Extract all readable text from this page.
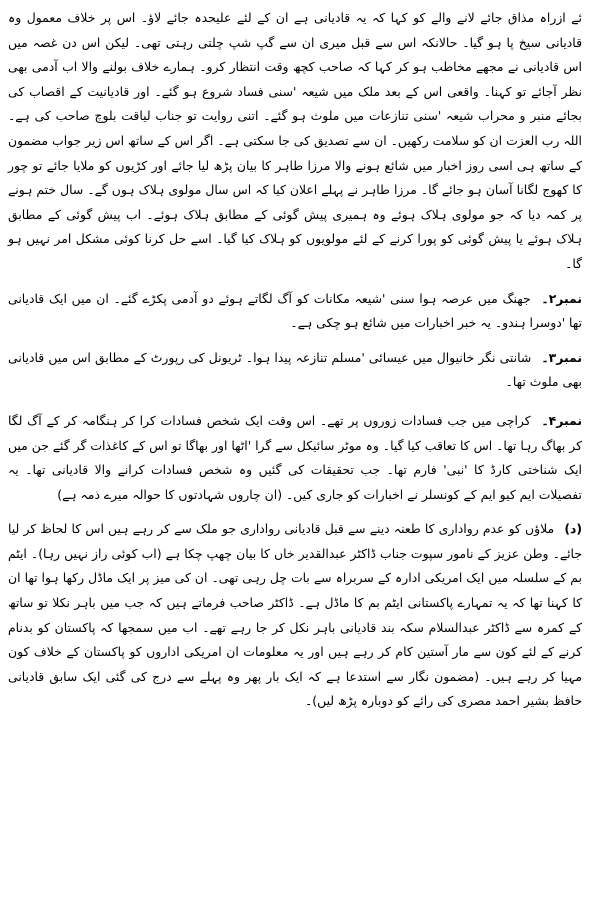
ئے ازراہ مذاق جائے لانے والے کو کہا کہ یہ قادیانی ہے ان کے لئے علیحدہ جائے لاؤ۔ اس پر خلاف معمول وہ قادیانی سیخ پا ہو گیا۔ حالانکہ اس سے قبل میری ان سے گپ شپ چلتی رہتی تھی۔ لیکن اس دن غصہ میں اس قادیانی نے مجھے مخاطب ہو کر کہا کہ صاحب کچھ وقت انتظار کرو۔ ہمارے خلاف بولنے والا اب آدمی بھی نظر آجائے تو کہنا۔ واقعی اس کے بعد ملک میں شیعہ 'سنی فساد شروع ہو گئے۔ اور قادیانیت کے اقصاب کی بجائے منبر و محراب شیعہ 'سنی تنازعات میں ملوث ہو گئے۔ اتنی روایت تو جناب لیاقت بلوچ صاحب کی ہے۔ اللہ رب العزت ان کو سلامت رکھیں۔ ان سے تصدیق کی جا سکتی ہے۔ اگر اس کے ساتھ اس زیر جواب مضمون کے ساتھ ہی اسی روز اخبار میں شائع ہونے والا مرزا طاہر کا بیان پڑھ لیا جائے اور کڑیوں کو ملایا جائے تو چور کا کھوج لگانا آسان ہو جائے گا۔ مرزا طاہر نے پہلے اعلان کیا کہ اس سال مولوی ہلاک ہوں گے۔ سال ختم ہونے پر کمہ دیا کہ جو مولوی ہلاک ہوئے وہ ہمیری پیش گوئی کے مطابق ہلاک ہوئے۔ اب پیش گوئی کے مطابق ہلاک ہوئے یا پیش گوئی کو پورا کرنے کے لئے مولویوں کو ہلاک کیا گیا۔ اسے حل کرنا کوئی مشکل امر نہیں ہو گا۔

نمبر۲۔ جھنگ میں عرصہ ہوا سنی 'شیعہ مکانات کو آگ لگاتے ہوئے دو آدمی پکڑے گئے۔ ان میں ایک قادیانی تھا 'دوسرا ہندو۔ یہ خبر اخبارات میں شائع ہو چکی ہے۔

نمبر۳۔ شانتی نگر خانیوال میں عیسائی 'مسلم تنازعہ پیدا ہوا۔ ٹریونل کی رپورٹ کے مطابق اس میں قادیانی بھی ملوث تھا۔

نمبر۴۔ کراچی میں جب فسادات زوروں پر تھے۔ اس وقت ایک شخص فسادات کرا کر ہنگامہ کر کے آگ لگا کر بھاگ رہا تھا۔ اس کا تعاقب کیا گیا۔ وہ موٹر سائیکل سے گرا 'اٹھا اور بھاگا تو اس کے کاغذات گر گئے جن میں ایک شناختی کارڈ کا 'نبی' فارم تھا۔ جب تحقیقات کی گئیں وہ شخص فسادات کرانے والا قادیانی تھا۔ یہ تفصیلات ایم کیو ایم کے کونسلر نے اخبارات کو جاری کیں۔ (ان چاروں شہادتوں کا حوالہ میرے ذمہ ہے)

(د) ملاؤں کو عدم رواداری کا طعنہ دینے سے قبل قادیانی رواداری جو ملک سے کر رہے ہیں اس کا لحاظ کر لیا جائے۔ وطن عزیز کے نامور سپوت جناب ڈاکٹر عبدالقدیر خاں کا بیان چھپ چکا ہے (اب کوئی راز نہیں رہا)۔ ایٹم بم کے سلسلہ میں ایک امریکی ادارہ کے سربراہ سے بات چل رہی تھی۔ ان کی میز پر ایک ماڈل رکھا ہوا تھا ان کا کہنا تھا کہ یہ تمہارے پاکستانی ایٹم بم کا ماڈل ہے۔ ڈاکٹر صاحب فرماتے ہیں کہ جب میں باہر نکلا تو ساتھ کے کمرہ سے ڈاکٹر عبدالسلام سکہ بند قادیانی باہر نکل کر جا رہے تھے۔ اب میں سمجھا کہ پاکستان کو بدنام کرنے کے لئے کون سے مار آستین کام کر رہے ہیں اور یہ معلومات ان امریکی اداروں کو پاکستان کے خلاف کون مہیا کر رہے ہیں۔ (مضمون نگار سے استدعا ہے کہ ایک بار پھر وہ پہلے سے درج کی گئی ایک سابق قادیانی حافظ بشیر احمد مصری کی رائے کو دوبارہ پڑھ لیں)۔
